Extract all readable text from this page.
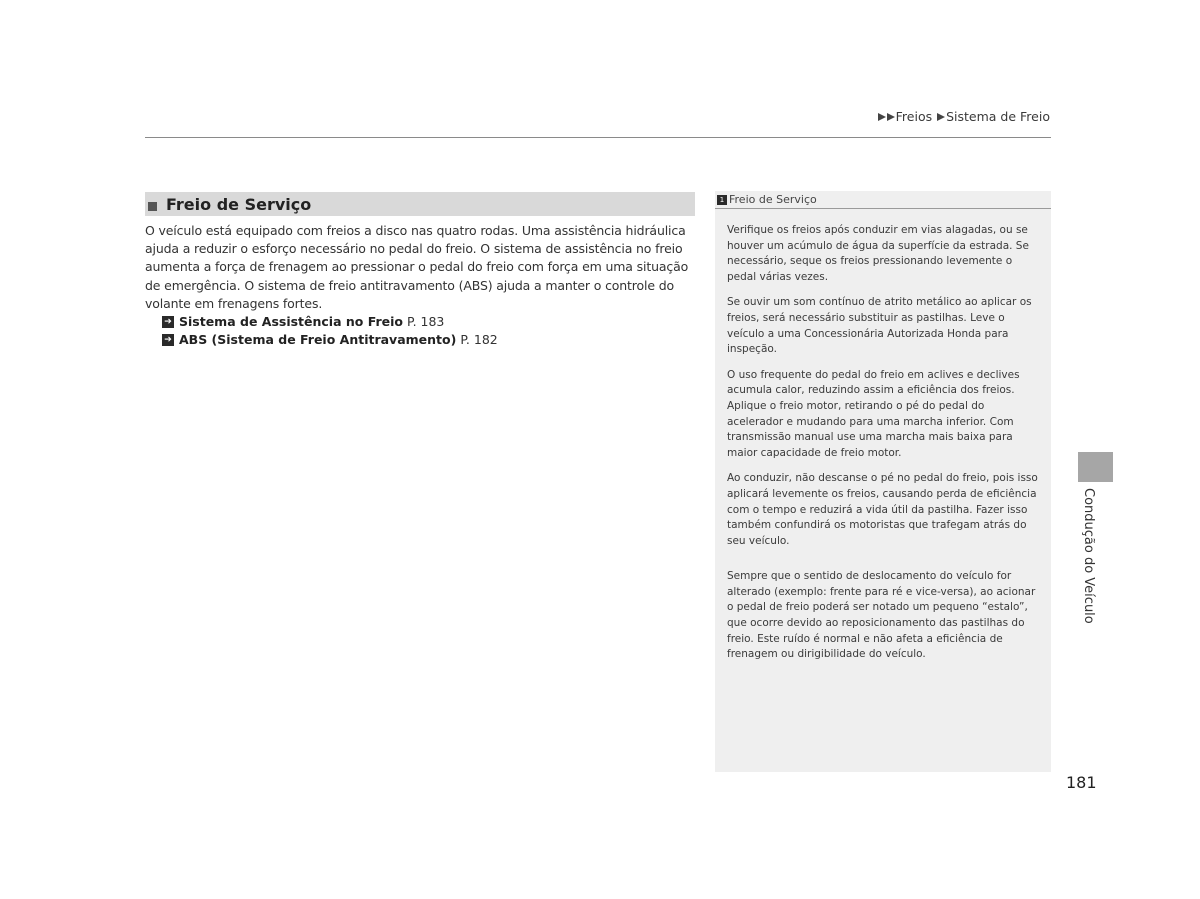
Freios Sistema de Freio
Freio de Serviço
O veículo está equipado com freios a disco nas quatro rodas. Uma assistência hidráulica ajuda a reduzir o esforço necessário no pedal do freio. O sistema de assistência no freio aumenta a força de frenagem ao pressionar o pedal do freio com força em uma situação de emergência. O sistema de freio antitravamento (ABS) ajuda a manter o controle do volante em frenagens fortes.
➔ Sistema de Assistência no Freio P. 183
➔ ABS (Sistema de Freio Antitravamento) P. 182
1 Freio de Serviço

Verifique os freios após conduzir em vias alagadas, ou se houver um acúmulo de água da superfície da estrada. Se necessário, seque os freios pressionando levemente o pedal várias vezes.

Se ouvir um som contínuo de atrito metálico ao aplicar os freios, será necessário substituir as pastilhas. Leve o veículo a uma Concessionária Autorizada Honda para inspeção.

O uso frequente do pedal do freio em aclives e declives acumula calor, reduzindo assim a eficiência dos freios. Aplique o freio motor, retirando o pé do pedal do acelerador e mudando para uma marcha inferior. Com transmissão manual use uma marcha mais baixa para maior capacidade de freio motor.

Ao conduzir, não descanse o pé no pedal do freio, pois isso aplicará levemente os freios, causando perda de eficiência com o tempo e reduzirá a vida útil da pastilha. Fazer isso também confundirá os motoristas que trafegam atrás do seu veículo.

Sempre que o sentido de deslocamento do veículo for alterado (exemplo: frente para ré e vice-versa), ao acionar o pedal de freio poderá ser notado um pequeno “estalo”, que ocorre devido ao reposicionamento das pastilhas do freio. Este ruído é normal e não afeta a eficiência de frenagem ou dirigibilidade do veículo.

Condução do Veículo
181
